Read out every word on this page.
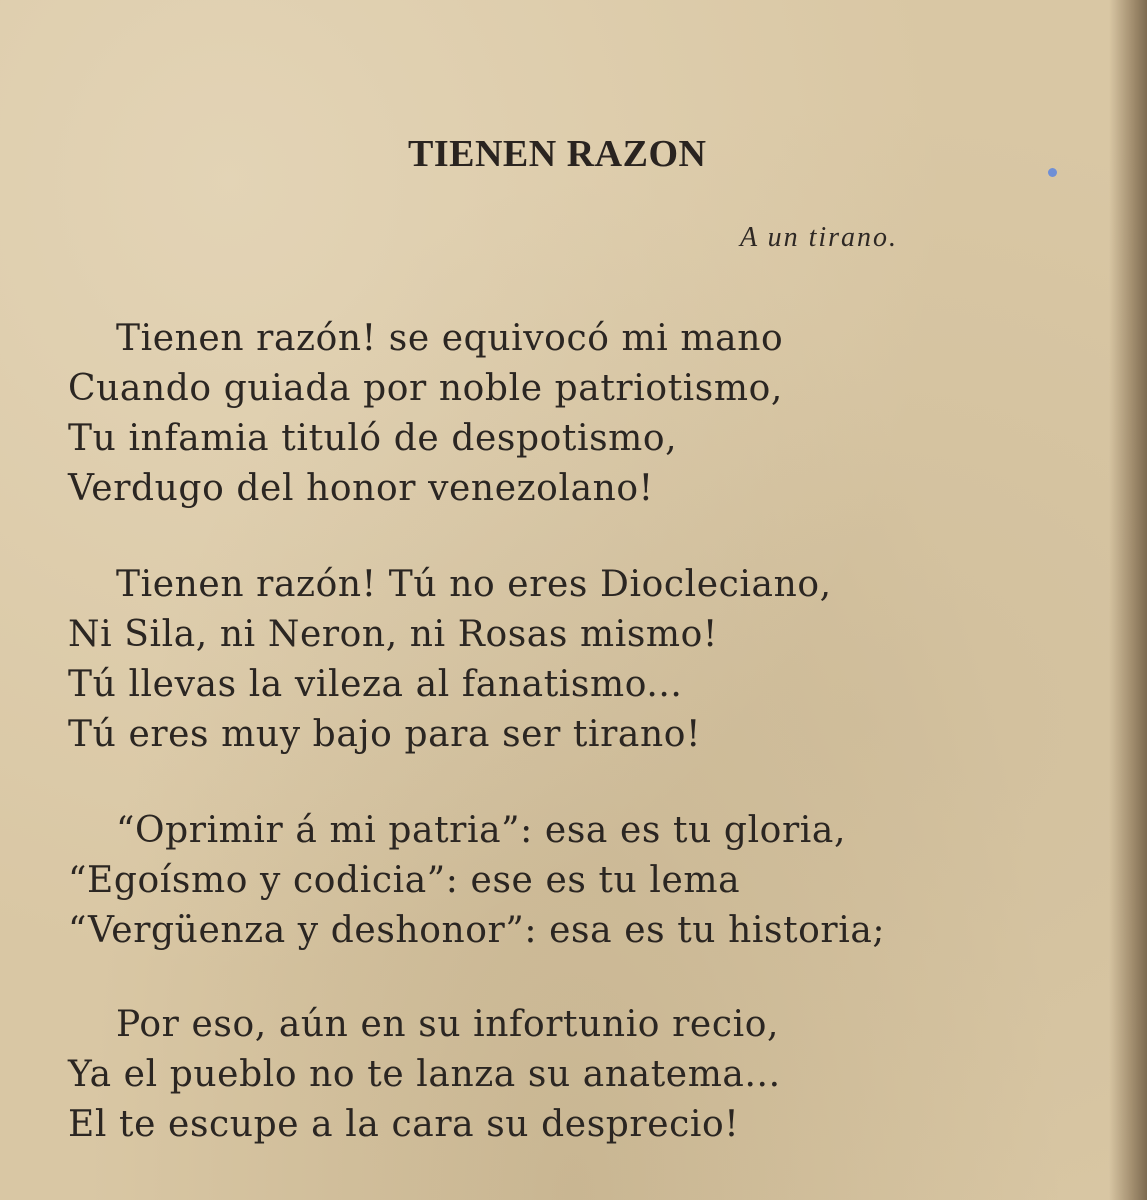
TIENEN RAZON
A un tirano.
Tienen razón! se equivocó mi mano
Cuando guiada por noble patriotismo,
Tu infamia tituló de despotismo,
Verdugo del honor venezolano!
Tienen razón! Tú no eres Diocleciano,
Ni Sila, ni Neron, ni Rosas mismo!
Tú llevas la vileza al fanatismo...
Tú eres muy bajo para ser tirano!
“Oprimir á mi patria”: esa es tu gloria,
“Egoísmo y codicia”: ese es tu lema
“Vergüenza y deshonor”: esa es tu historia;
Por eso, aún en su infortunio recio,
Ya el pueblo no te lanza su anatema...
El te escupe a la cara su desprecio!
